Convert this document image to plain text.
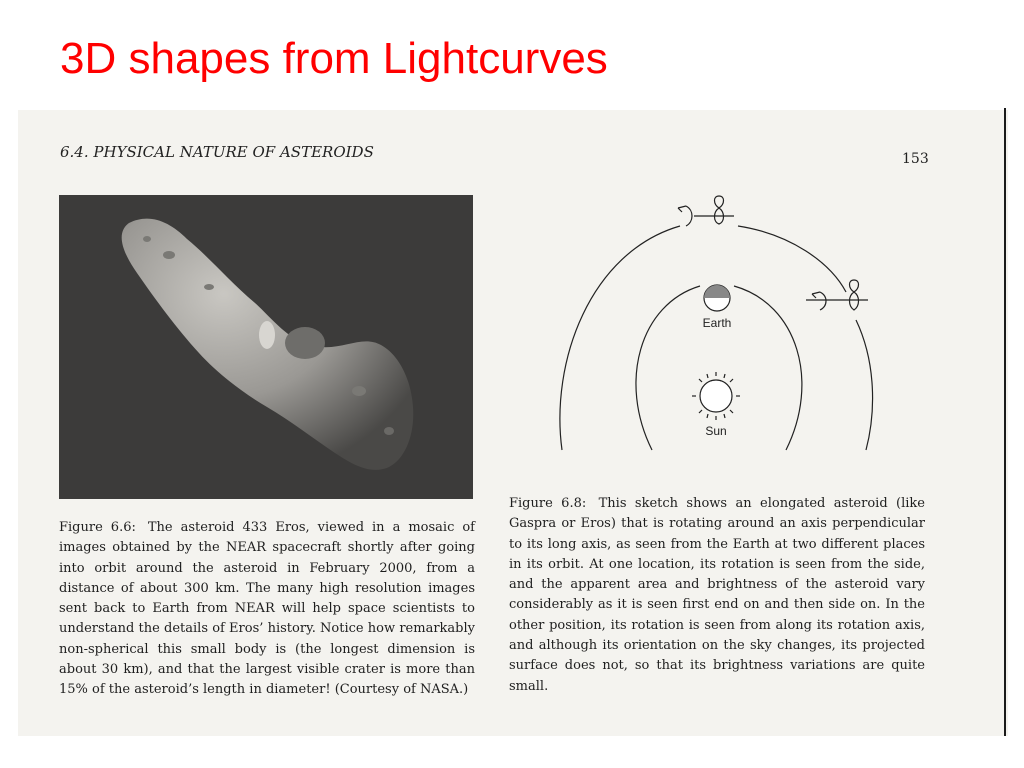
3D shapes from Lightcurves
6.4. PHYSICAL NATURE OF ASTEROIDS	153
Earth
Sun
Figure 6.6: The asteroid 433 Eros, viewed in a mosaic of images obtained by the NEAR spacecraft shortly after going into orbit around the asteroid in February 2000, from a distance of about 300 km. The many high resolution images sent back to Earth from NEAR will help space scientists to understand the details of Eros’ history. Notice how remarkably non-spherical this small body is (the longest dimension is about 30 km), and that the largest visible crater is more than 15% of the asteroid’s length in diameter! (Courtesy of NASA.)
Figure 6.8: This sketch shows an elongated asteroid (like Gaspra or Eros) that is rotating around an axis perpendicular to its long axis, as seen from the Earth at two different places in its orbit. At one location, its rotation is seen from the side, and the apparent area and brightness of the asteroid vary considerably as it is seen first end on and then side on. In the other position, its rotation is seen from along its rotation axis, and although its orientation on the sky changes, its projected surface does not, so that its brightness variations are quite small.
